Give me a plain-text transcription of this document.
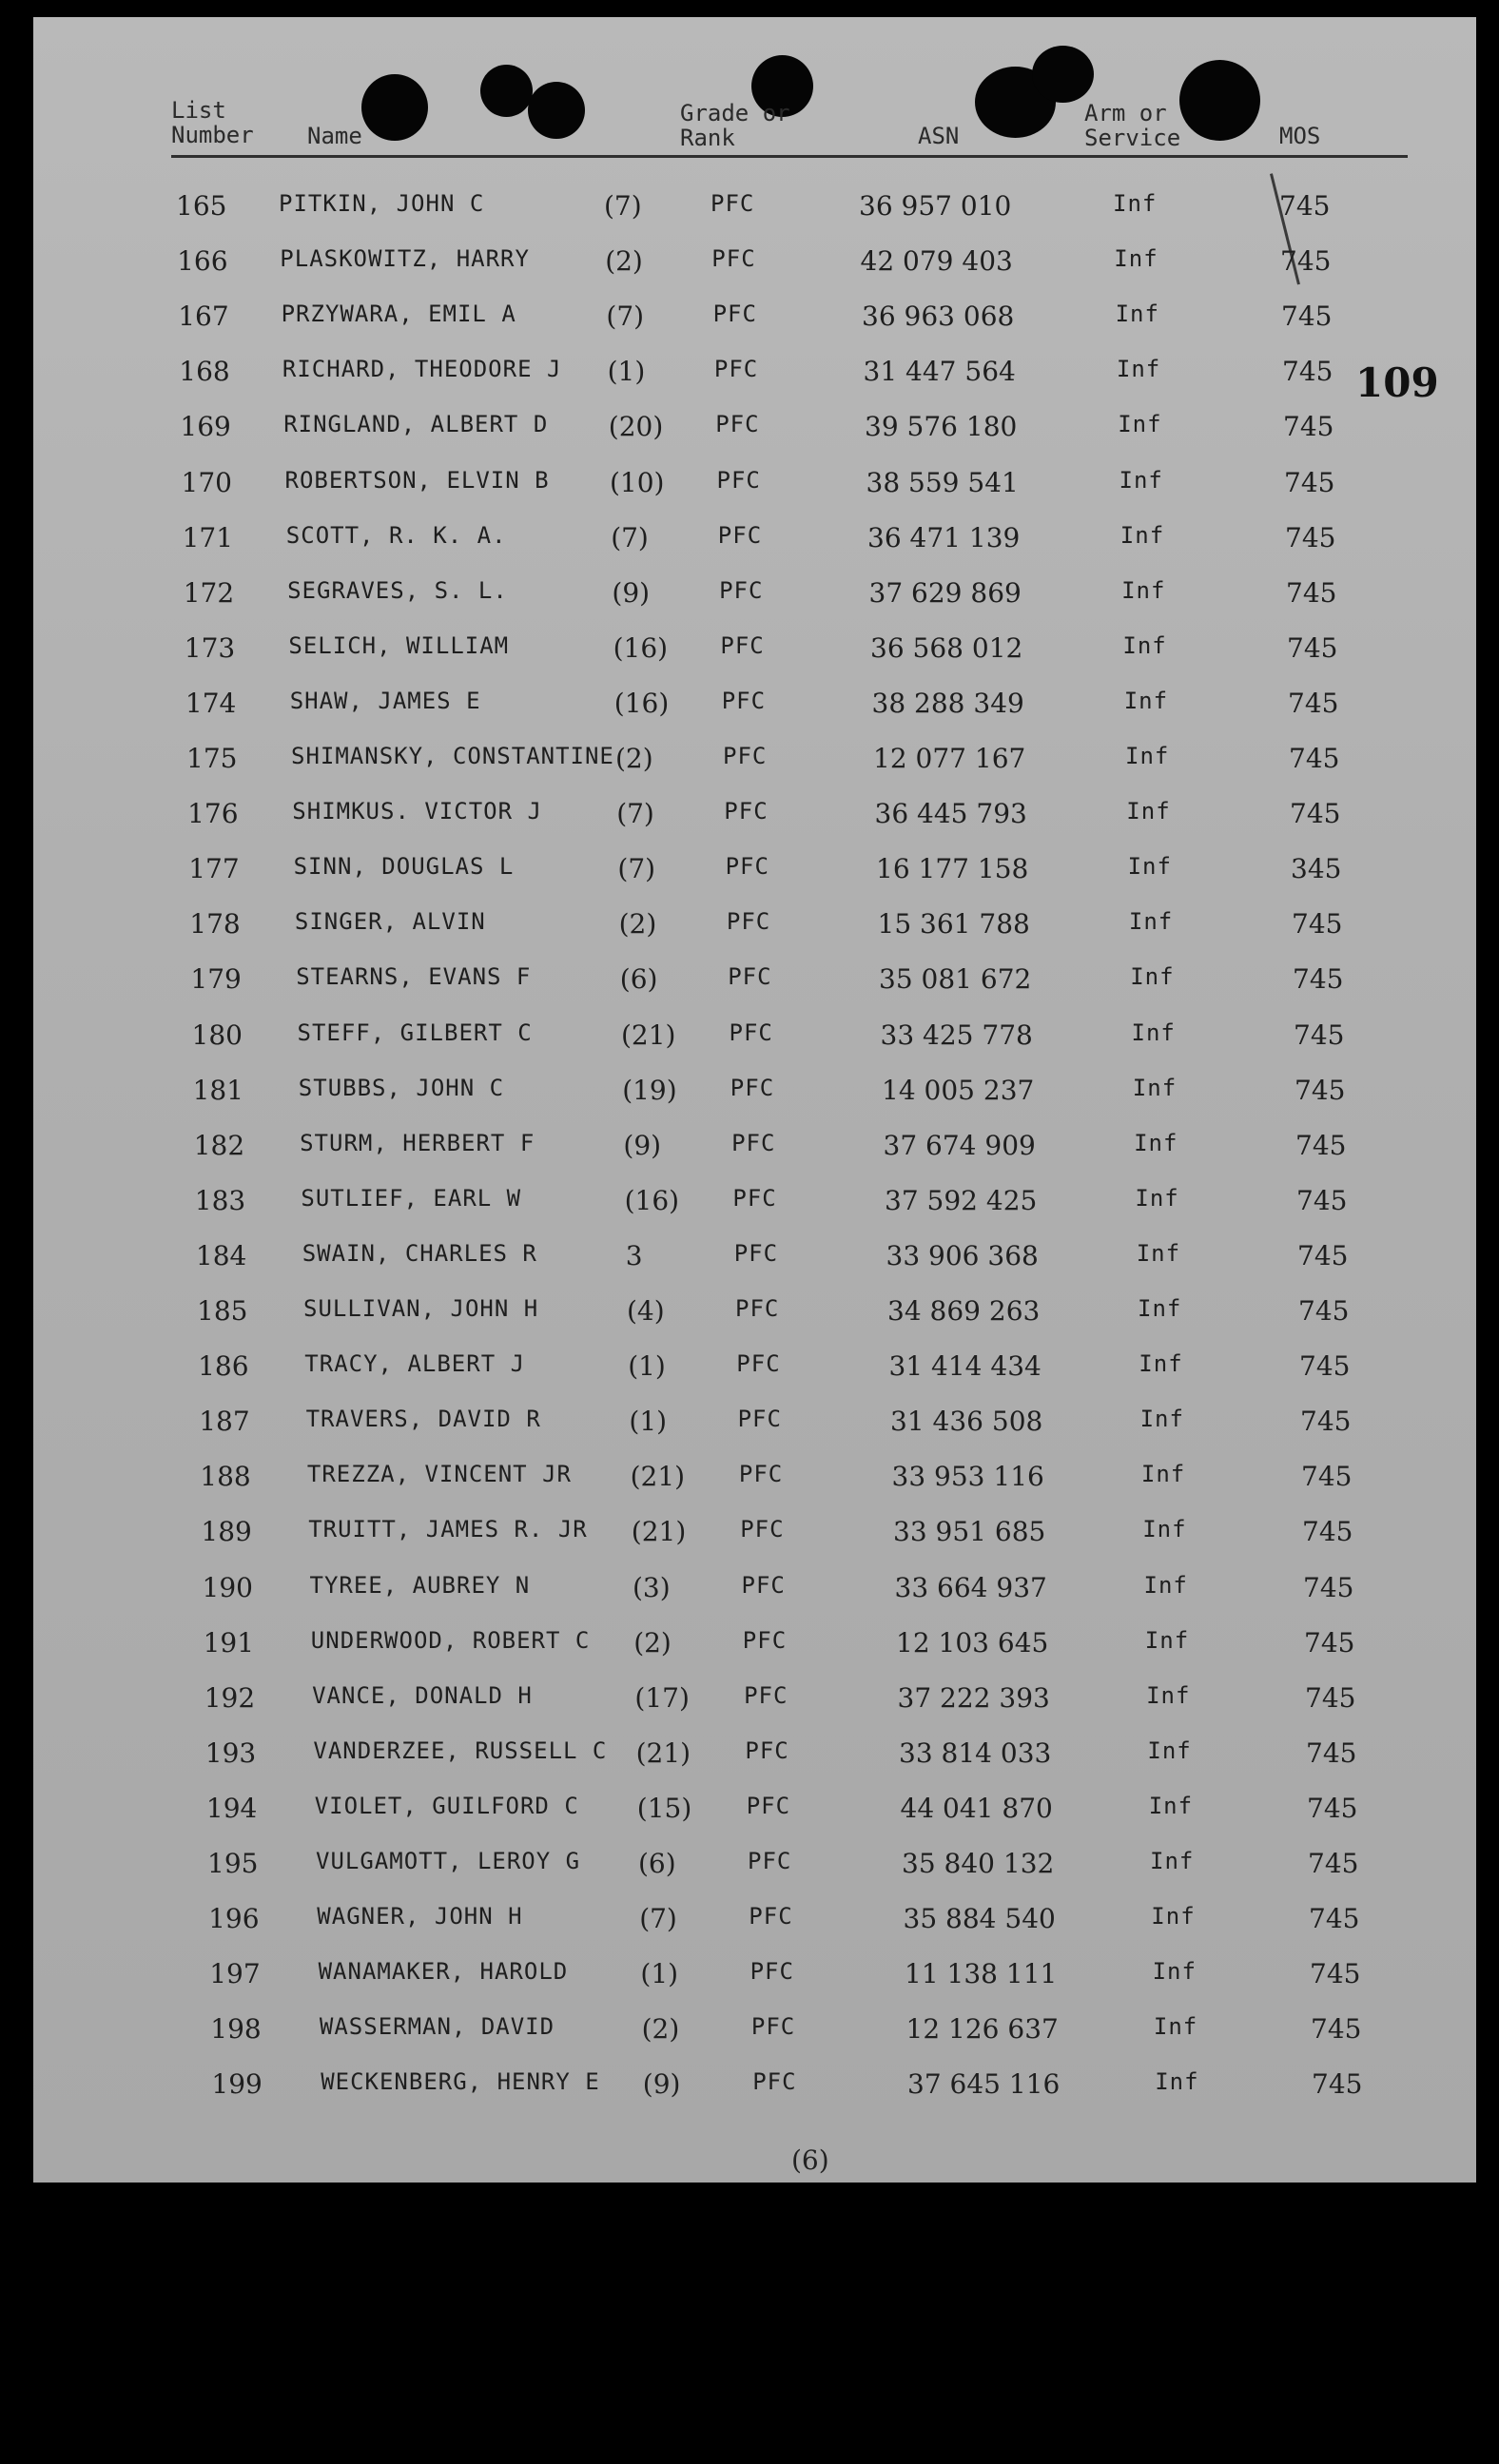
List
Number Name
Grade or
Rank	ASN
Arm or
Service	MOS
109
165 PITKIN, JOHN C	(7)	PFC	36 957 010	Inf	745
166 PLASKOWITZ, HARRY	(2)	PFC	42 079 403	Inf	745
167 PRZYWARA, EMIL A	(7)	PFC	36 963 068	Inf	745
168 RICHARD, THEODORE J (1)	PFC	31 447 564	Inf	745
169 RINGLAND, ALBERT D (20) PFC	39 576 180	Inf	745
170 ROBERTSON, ELVIN B (10) PFC	38 559 541	Inf	745
171 SCOTT, R. K. A.	(7)	PFC	36 471 139	Inf	745
172 SEGRAVES, S. L.	(9)	PFC	37 629 869	Inf	745
173 SELICH, WILLIAM	(16) PFC	36 568 012	Inf	745
174 SHAW, JAMES E	(16) PFC	38 288 349	Inf	745
175 SHIMANSKY, CONSTANTINE (2)	PFC	12 077 167	Inf	745
176 SHIMKUS. VICTOR J	(7)	PFC	36 445 793	Inf	745
177 SINN, DOUGLAS L	(7)	PFC	16 177 158	Inf	345
178 SINGER, ALVIN	(2)	PFC	15 361 788	Inf	745
179 STEARNS, EVANS F	(6)	PFC	35 081 672	Inf	745
180 STEFF, GILBERT C	(21) PFC	33 425 778	Inf	745
181 STUBBS, JOHN C	(19) PFC	14 005 237	Inf	745
182 STURM, HERBERT F	(9)	PFC	37 674 909	Inf	745
183 SUTLIEF, EARL W	(16) PFC	37 592 425	Inf	745
184 SWAIN, CHARLES R	3	PFC	33 906 368	Inf	745
185 SULLIVAN, JOHN H	(4)	PFC	34 869 263	Inf	745
186 TRACY, ALBERT J	(1)	PFC	31 414 434	Inf	745
187 TRAVERS, DAVID R	(1)	PFC	31 436 508	Inf	745
188 TREZZA, VINCENT JR (21) PFC	33 953 116	Inf	745
189 TRUITT, JAMES R. JR (21) PFC	33 951 685	Inf	745
190 TYREE, AUBREY N	(3)	PFC	33 664 937	Inf	745
191 UNDERWOOD, ROBERT C (2)	PFC	12 103 645	Inf	745
192 VANCE, DONALD H	(17) PFC	37 222 393	Inf	745
193	VANDERZEE, RUSSELL C (21) PFC	33 814 033	Inf	745
194	VIOLET, GUILFORD C (15) PFC	44 041 870	Inf	745
195	VULGAMOTT, LEROY G (6)	PFC	35 840 132	Inf	745
196	WAGNER, JOHN H	(7)	PFC	35 884 540	Inf	745
197	WANAMAKER, HAROLD	(1)	PFC	11 138 111	Inf	745
198	WASSERMAN, DAVID	(2)	PFC	12 126 637	Inf	745
199	WECKENBERG, HENRY E (9)	PFC	37 645 116	Inf	745
(6)
